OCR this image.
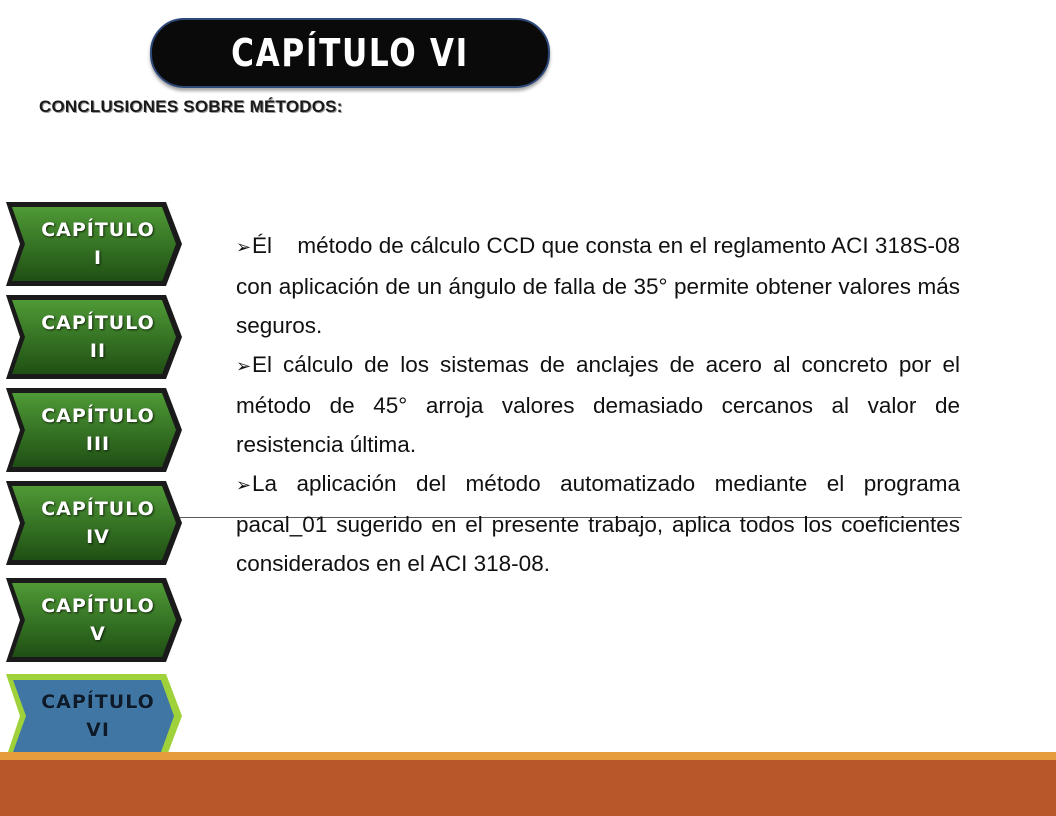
CAPÍTULO VI
CONCLUSIONES SOBRE MÉTODOS:
CAPÍTULO
I
CAPÍTULO
II
CAPÍTULO
III
CAPÍTULO
IV
CAPÍTULO
V
CAPÍTULO
VI

➢Él    método de cálculo CCD que consta en el reglamento ACI 318S-08 con aplicación de un ángulo de falla de 35° permite obtener valores más seguros.

➢El cálculo de los sistemas de anclajes de acero al concreto por el método de 45° arroja valores demasiado cercanos al valor de resistencia última.

➢La aplicación del método automatizado mediante el programa pacal_01 sugerido en el presente trabajo, aplica todos los coeficientes considerados en el ACI 318-08.
